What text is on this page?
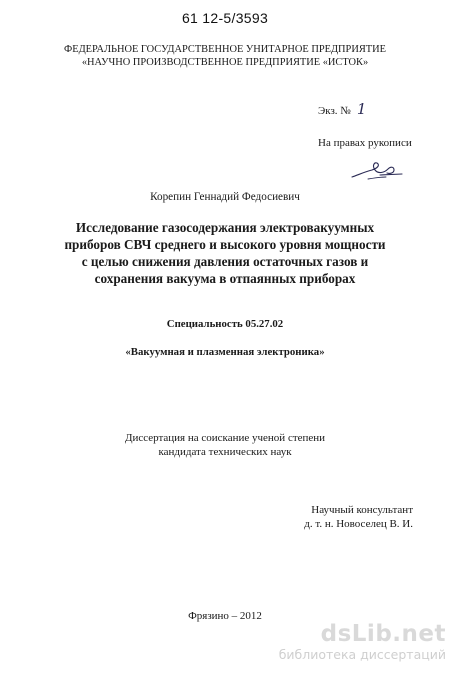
61 12-5/3593
ФЕДЕРАЛЬНОЕ ГОСУДАРСТВЕННОЕ УНИТАРНОЕ ПРЕДПРИЯТИЕ
«НАУЧНО ПРОИЗВОДСТВЕННОЕ ПРЕДПРИЯТИЕ «ИСТОК»
Экз. № 1
На правах рукописи
Корепин Геннадий Федосиевич
Исследование газосодержания электровакуумных
приборов СВЧ среднего и высокого уровня мощности
с целью снижения давления остаточных газов и
сохранения вакуума в отпаянных приборах
Специальность 05.27.02
«Вакуумная и плазменная электроника»
Диссертация на соискание ученой степени
кандидата технических наук
Научный консультант
д. т. н. Новоселец В. И.
Фрязино – 2012
dsLib.net
библиотека диссертаций
